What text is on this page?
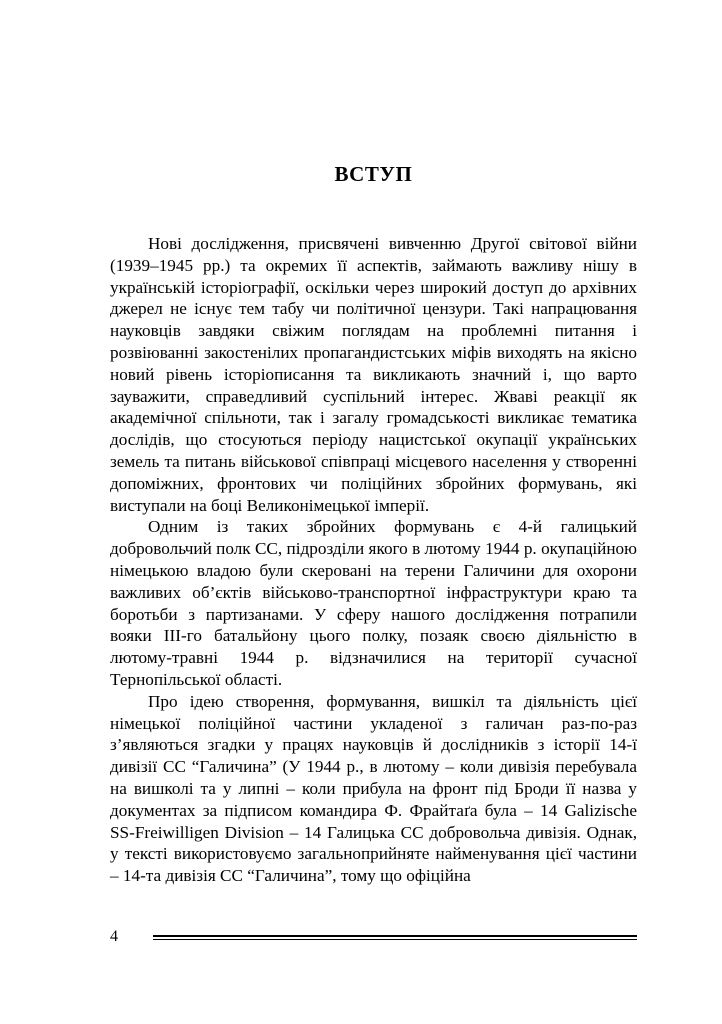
ВСТУП

Нові дослідження, присвячені вивченню Другої світової війни (1939–1945 рр.) та окремих її аспектів, займають важливу нішу в українській історіографії, оскільки через широкий доступ до архівних джерел не існує тем табу чи політичної цензури. Такі напрацювання науковців завдяки свіжим поглядам на проблемні питання і розвіюванні закостенілих пропагандистських міфів виходять на якісно новий рівень історіописання та викликають значний і, що варто зауважити, справедливий суспільний інтерес. Жваві реакції як академічної спільноти, так і загалу громадськості викликає тематика дослідів, що стосуються періоду нацистської окупації українських земель та питань військової співпраці місцевого населення у створенні допоміжних, фронтових чи поліційних збройних формувань, які виступали на боці Великонімецької імперії.

Одним із таких збройних формувань є 4-й галицький добровольчий полк СС, підрозділи якого в лютому 1944 р. окупаційною німецькою владою були скеровані на терени Галичини для охорони важливих об’єктів військово-транспортної інфраструктури краю та боротьби з партизанами. У сферу нашого дослідження потрапили вояки ІІІ-го батальйону цього полку, позаяк своєю діяльністю в лютому-травні 1944 р. відзначилися на території сучасної Тернопільської області.

Про ідею створення, формування, вишкіл та діяльність цієї німецької поліційної частини укладеної з галичан раз-по-раз з’являються згадки у працях науковців й дослідників з історії 14-ї дивізії СС “Галичина” (У 1944 р., в лютому – коли дивізія перебувала на вишколі та у липні – коли прибула на фронт під Броди її назва у документах за підписом командира Ф. Фрайтаґа була – 14 Galizische SS-Freiwilligen Division – 14 Галицька СС добровольча дивізія. Однак, у тексті використовуємо загальноприйняте найменування цієї частини – 14-та дивізія СС “Галичина”, тому що офіційна

4
